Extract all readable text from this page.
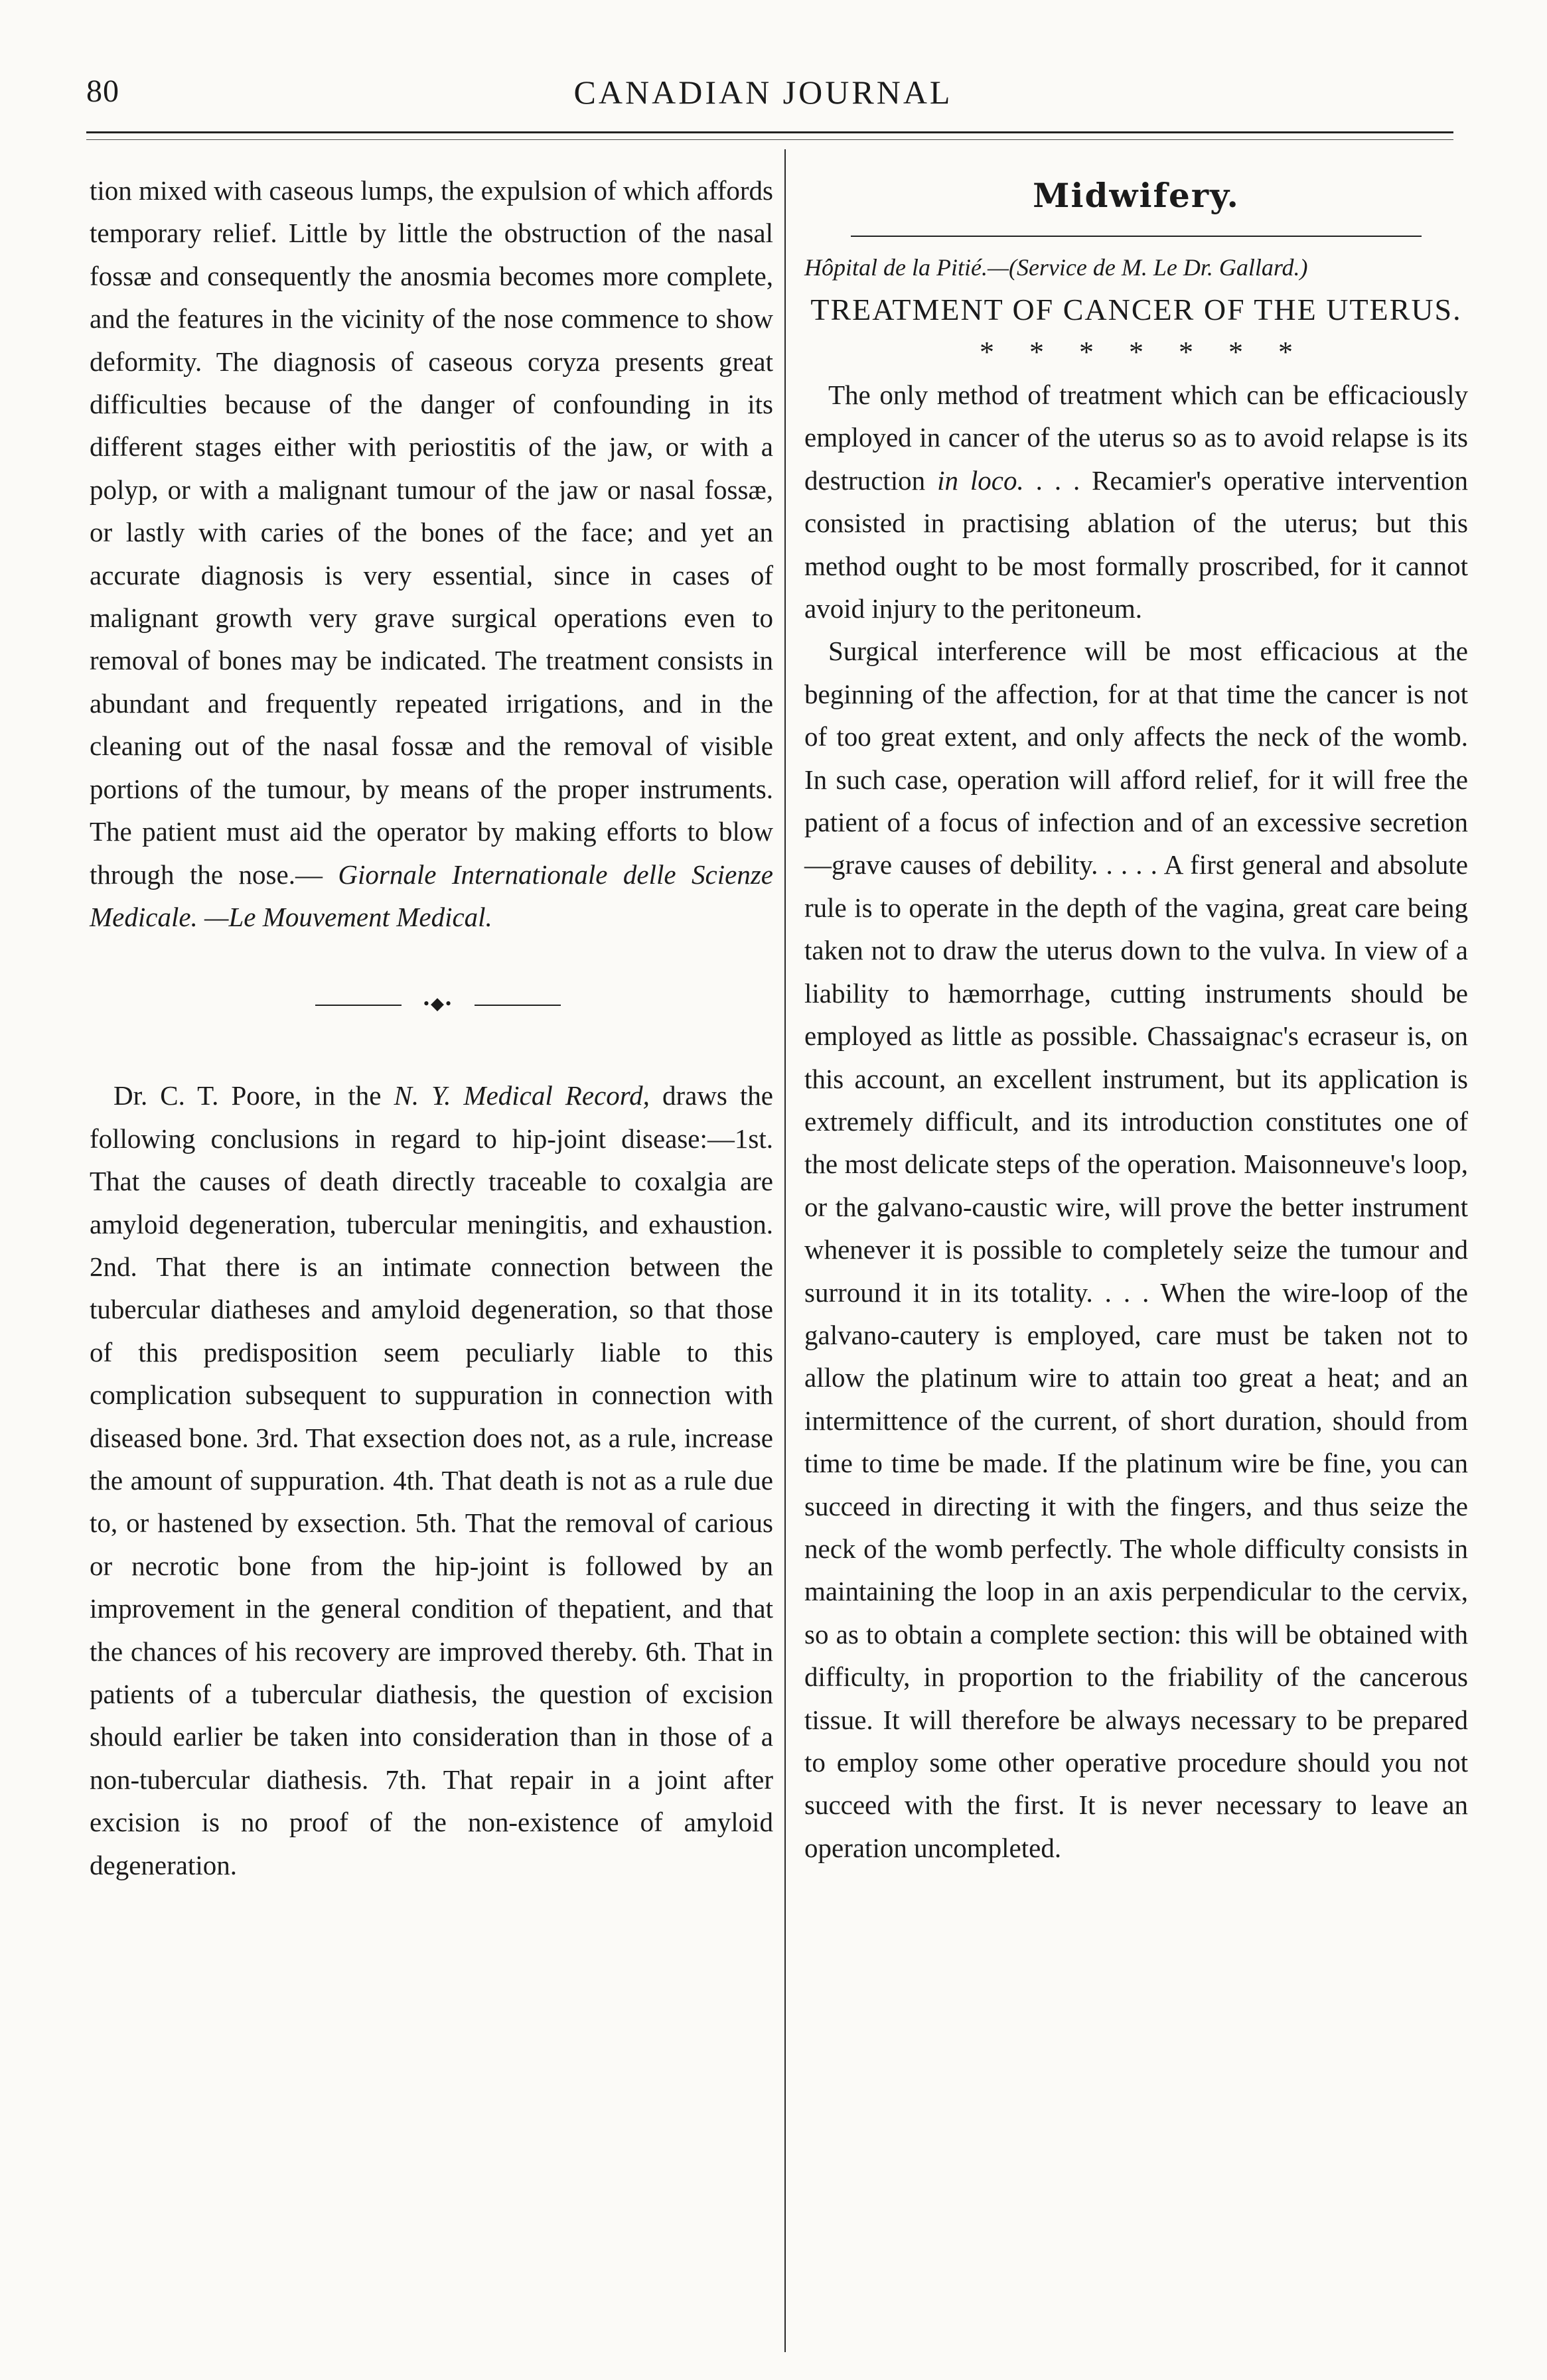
80	CANADIAN JOURNAL

tion mixed with caseous lumps, the expulsion of which affords temporary relief. Little by little the obstruction of the nasal fossæ and consequently the anosmia becomes more complete, and the features in the vicinity of the nose commence to show deformity. The diagnosis of caseous coryza presents great difficulties because of the danger of confounding in its different stages either with periostitis of the jaw, or with a polyp, or with a malignant tumour of the jaw or nasal fossæ, or lastly with caries of the bones of the face; and yet an accurate diagnosis is very essential, since in cases of malignant growth very grave surgical operations even to removal of bones may be indicated. The treatment consists in abundant and frequently repeated irrigations, and in the cleaning out of the nasal fossæ and the removal of visible portions of the tumour, by means of the proper instruments. The patient must aid the operator by making efforts to blow through the nose.— Giornale Internationale delle Scienze Medicale. —Le Mouvement Medical.

•◆•

Dr. C. T. Poore, in the N. Y. Medical Record, draws the following conclusions in regard to hip-joint disease:—1st. That the causes of death directly traceable to coxalgia are amyloid degeneration, tubercular meningitis, and exhaustion. 2nd. That there is an intimate connection between the tubercular diatheses and amyloid degeneration, so that those of this predisposition seem peculiarly liable to this complication subsequent to suppuration in connection with diseased bone. 3rd. That exsection does not, as a rule, increase the amount of suppuration. 4th. That death is not as a rule due to, or hastened by exsection. 5th. That the removal of carious or necrotic bone from the hip-joint is followed by an improvement in the general condition of thepatient, and that the chances of his recovery are improved thereby. 6th. That in patients of a tubercular diathesis, the question of excision should earlier be taken into consideration than in those of a non-tubercular diathesis. 7th. That repair in a joint after excision is no proof of the non-existence of amyloid degeneration.

Midwifery.

Hôpital de la Pitié.—(Service de M. Le Dr. Gallard.)

TREATMENT OF CANCER OF THE UTERUS.

* * * * * * *

The only method of treatment which can be efficaciously employed in cancer of the uterus so as to avoid relapse is its destruction in loco. . . . Recamier's operative intervention consisted in practising ablation of the uterus; but this method ought to be most formally proscribed, for it cannot avoid injury to the peritoneum.

Surgical interference will be most efficacious at the beginning of the affection, for at that time the cancer is not of too great extent, and only affects the neck of the womb. In such case, operation will afford relief, for it will free the patient of a focus of infection and of an excessive secretion—grave causes of debility. . . . . A first general and absolute rule is to operate in the depth of the vagina, great care being taken not to draw the uterus down to the vulva. In view of a liability to hæmorrhage, cutting instruments should be employed as little as possible. Chassaignac's ecraseur is, on this account, an excellent instrument, but its application is extremely difficult, and its introduction constitutes one of the most delicate steps of the operation. Maisonneuve's loop, or the galvano-caustic wire, will prove the better instrument whenever it is possible to completely seize the tumour and surround it in its totality. . . . When the wire-loop of the galvano-cautery is employed, care must be taken not to allow the platinum wire to attain too great a heat; and an intermittence of the current, of short duration, should from time to time be made. If the platinum wire be fine, you can succeed in directing it with the fingers, and thus seize the neck of the womb perfectly. The whole difficulty consists in maintaining the loop in an axis perpendicular to the cervix, so as to obtain a complete section: this will be obtained with difficulty, in proportion to the friability of the cancerous tissue. It will therefore be always necessary to be prepared to employ some other operative procedure should you not succeed with the first. It is never necessary to leave an operation uncompleted.
